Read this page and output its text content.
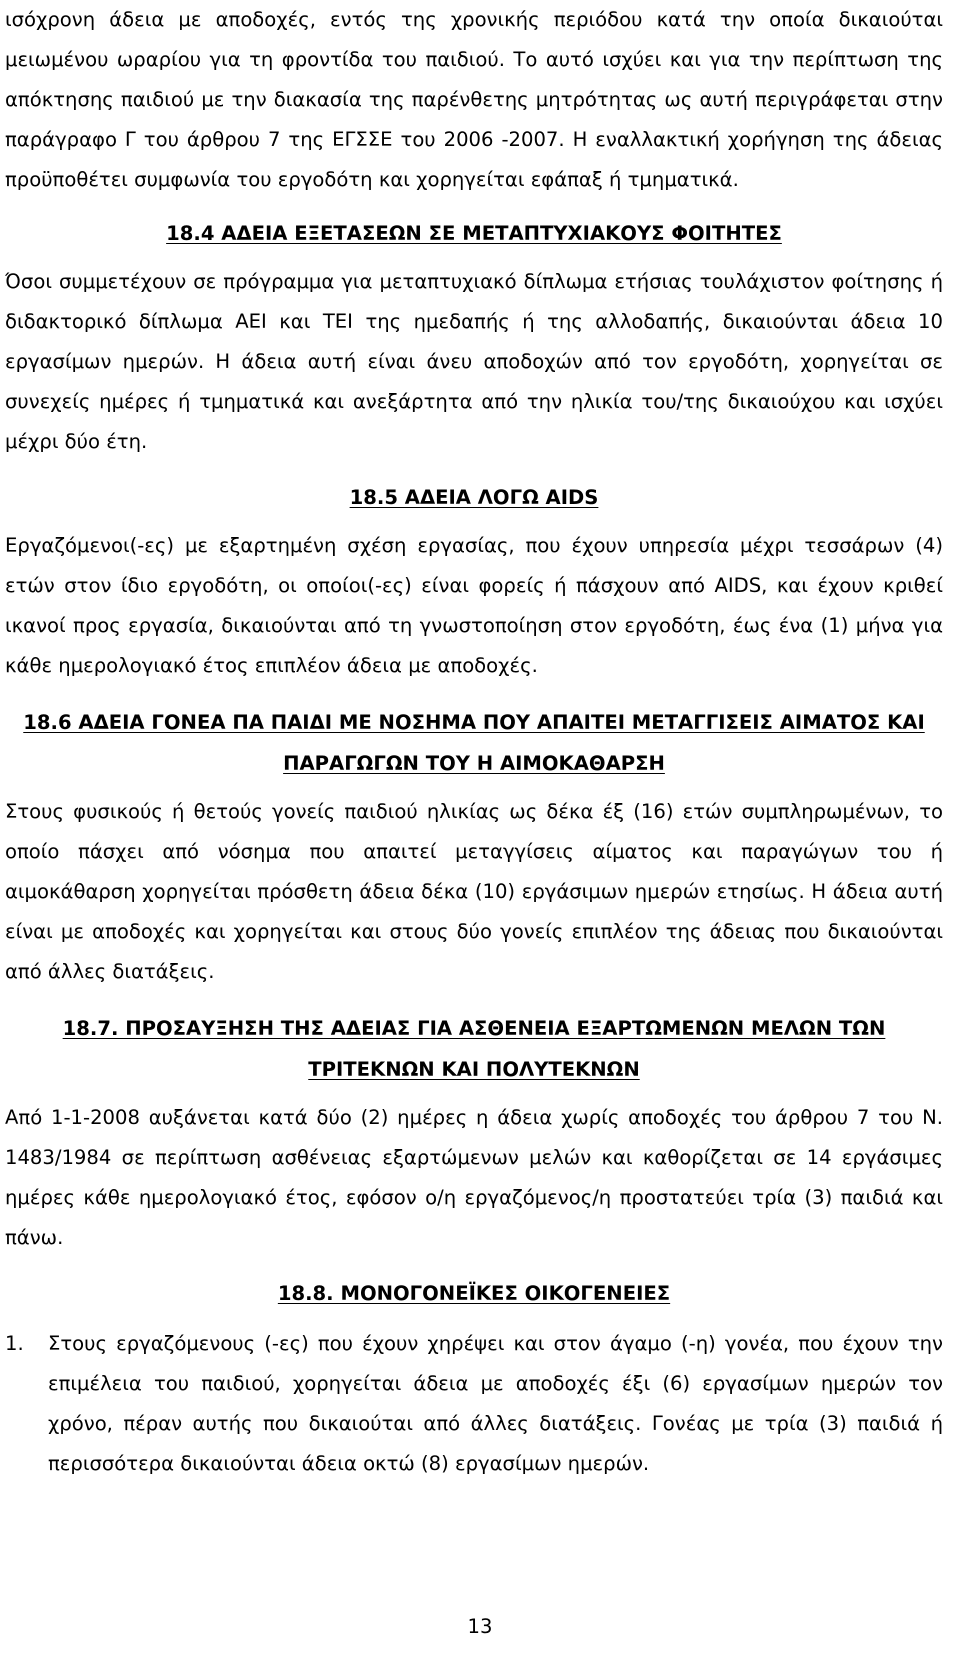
ισόχρονη άδεια με αποδοχές, εντός της χρονικής περιόδου κατά την οποία δικαιούται μειωμένου ωραρίου για τη φροντίδα του παιδιού. Το αυτό ισχύει και για την περίπτωση της απόκτησης παιδιού με την διακασία της παρένθετης μητρότητας ως αυτή περιγράφεται στην παράγραφο Γ του άρθρου 7 της ΕΓΣΣΕ του 2006 -2007. Η εναλλακτική χορήγηση της άδειας προϋποθέτει συμφωνία του εργοδότη και χορηγείται εφάπαξ ή τμηματικά.

18.4 ΑΔΕΙΑ ΕΞΕΤΑΣΕΩΝ ΣΕ ΜΕΤΑΠΤΥΧΙΑΚΟΥΣ ΦΟΙΤΗΤΕΣ

Όσοι συμμετέχουν σε πρόγραμμα για μεταπτυχιακό δίπλωμα ετήσιας τουλάχιστον φοίτησης ή διδακτορικό δίπλωμα ΑΕΙ και ΤΕΙ της ημεδαπής ή της αλλοδαπής, δικαιούνται άδεια 10 εργασίμων ημερών. Η άδεια αυτή είναι άνευ αποδοχών από τον εργοδότη, χορηγείται σε συνεχείς ημέρες ή τμηματικά και ανεξάρτητα από την ηλικία του/της δικαιούχου και ισχύει μέχρι δύο έτη.

18.5 ΑΔΕΙΑ ΛΟΓΩ AIDS

Εργαζόμενοι(-ες) με εξαρτημένη σχέση εργασίας, που έχουν υπηρεσία μέχρι τεσσάρων (4) ετών στον ίδιο εργοδότη, οι οποίοι(-ες) είναι φορείς ή πάσχουν από AIDS, και έχουν κριθεί ικανοί προς εργασία, δικαιούνται από τη γνωστοποίηση στον εργοδότη, έως ένα (1) μήνα για κάθε ημερολογιακό έτος επιπλέον άδεια με αποδοχές.

18.6 ΑΔΕΙΑ ΓΟΝΕΑ ΠΑ ΠΑΙΔΙ ΜΕ ΝΟΣΗΜΑ ΠΟΥ ΑΠΑΙΤΕΙ ΜΕΤΑΓΓΙΣΕΙΣ ΑΙΜΑΤΟΣ ΚΑΙ ΠΑΡΑΓΩΓΩΝ ΤΟΥ Η ΑΙΜΟΚΑΘΑΡΣΗ

Στους φυσικούς ή θετούς γονείς παιδιού ηλικίας ως δέκα έξ (16) ετών συμπληρωμένων, το οποίο πάσχει από νόσημα που απαιτεί μεταγγίσεις αίματος και παραγώγων του ή αιμοκάθαρση χορηγείται πρόσθετη άδεια δέκα (10) εργάσιμων ημερών ετησίως. Η άδεια αυτή είναι με αποδοχές και χορηγείται και στους δύο γονείς επιπλέον της άδειας που δικαιούνται από άλλες διατάξεις.

18.7. ΠΡΟΣΑΥΞΗΣΗ ΤΗΣ ΑΔΕΙΑΣ ΓΙΑ ΑΣΘΕΝΕΙΑ ΕΞΑΡΤΩΜΕΝΩΝ ΜΕΛΩΝ ΤΩΝ ΤΡΙΤΕΚΝΩΝ ΚΑΙ ΠΟΛΥΤΕΚΝΩΝ

Από 1-1-2008 αυξάνεται κατά δύο (2) ημέρες η άδεια χωρίς αποδοχές του άρθρου 7 του Ν. 1483/1984 σε περίπτωση ασθένειας εξαρτώμενων μελών και καθορίζεται σε 14 εργάσιμες ημέρες κάθε ημερολογιακό έτος, εφόσον ο/η εργαζόμενος/η προστατεύει τρία (3) παιδιά και πάνω.

18.8. ΜΟΝΟΓΟΝΕΪΚΕΣ ΟΙΚΟΓΕΝΕΙΕΣ
1.	Στους εργαζόμενους (-ες) που έχουν χηρέψει και στον άγαμο (-η) γονέα, που έχουν την επιμέλεια του παιδιού, χορηγείται άδεια με αποδοχές έξι (6) εργασίμων ημερών τον χρόνο, πέραν αυτής που δικαιούται από άλλες διατάξεις. Γονέας με τρία (3) παιδιά ή περισσότερα δικαιούνται άδεια οκτώ (8) εργασίμων ημερών.
13
